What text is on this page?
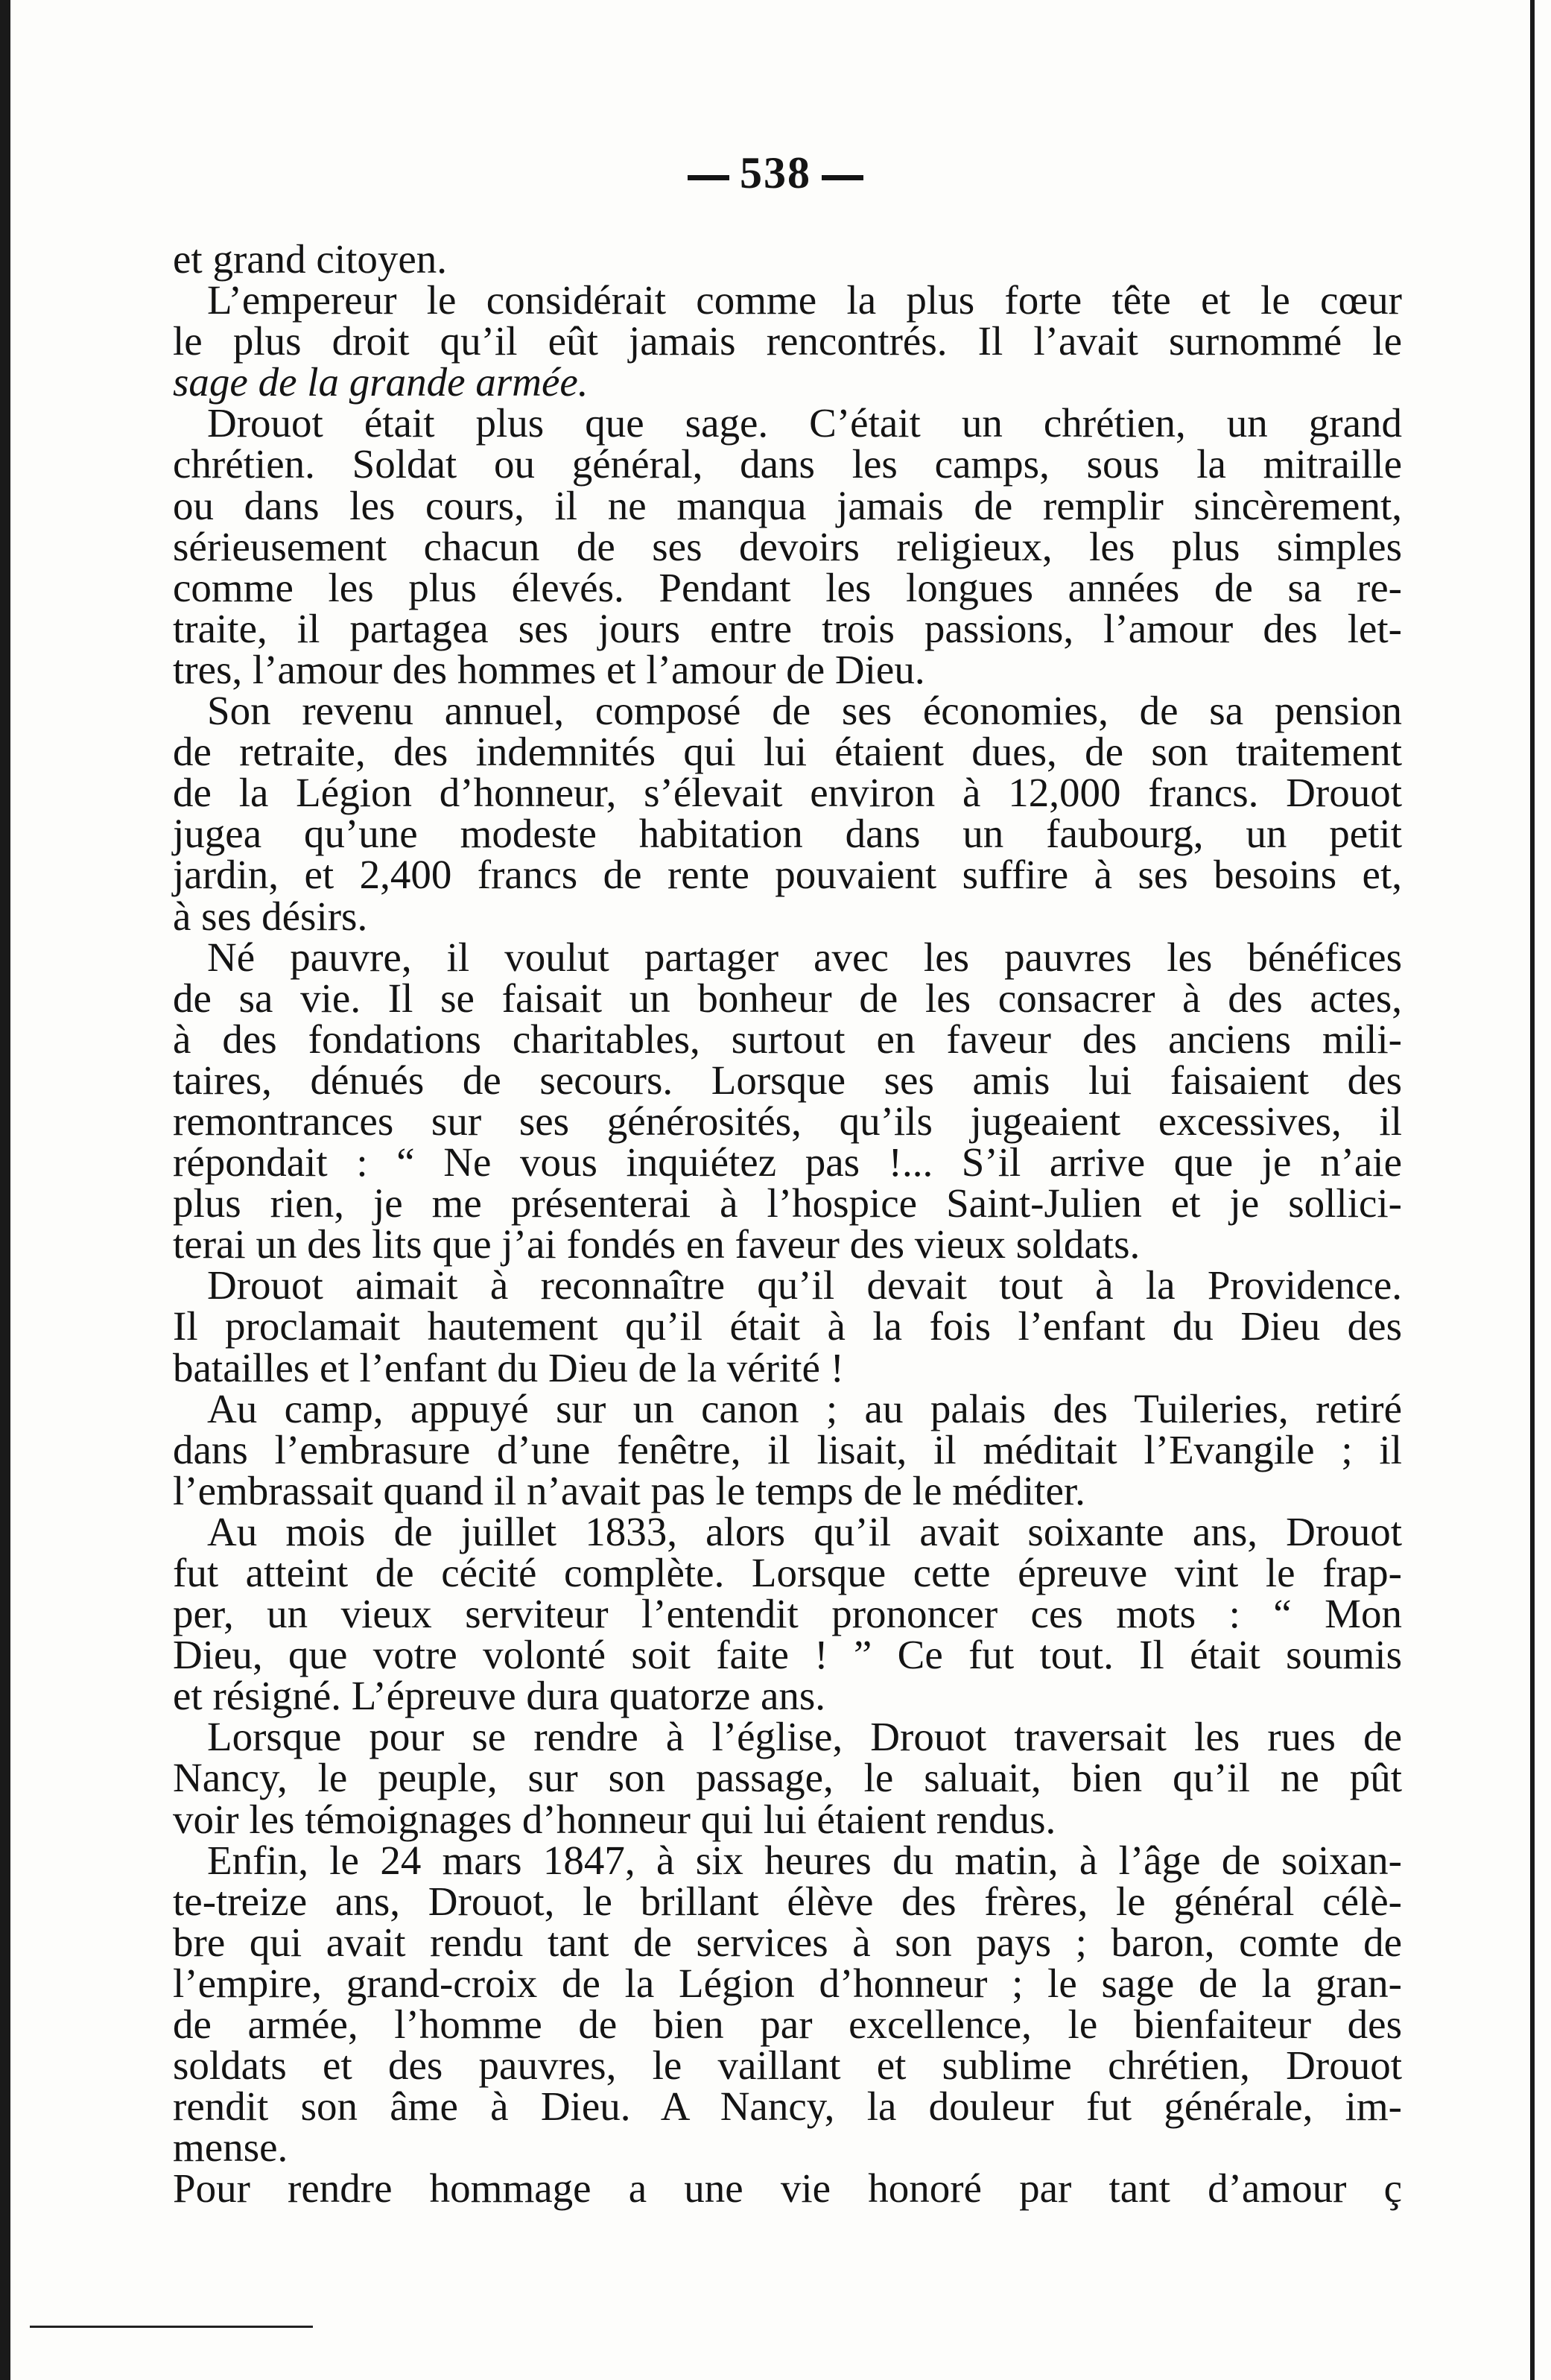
538
et grand citoyen.
L’empereur le considérait comme la plus forte tête et le cœur
le plus droit qu’il eût jamais rencontrés. Il l’avait surnommé le
sage de la grande armée.
Drouot était plus que sage. C’était un chrétien, un grand
chrétien. Soldat ou général, dans les camps, sous la mitraille
ou dans les cours, il ne manqua jamais de remplir sincèrement,
sérieusement chacun de ses devoirs religieux, les plus simples
comme les plus élevés. Pendant les longues années de sa re-
traite, il partagea ses jours entre trois passions, l’amour des let-
tres, l’amour des hommes et l’amour de Dieu.
Son revenu annuel, composé de ses économies, de sa pension
de retraite, des indemnités qui lui étaient dues, de son traitement
de la Légion d’honneur, s’élevait environ à 12,000 francs. Drouot
jugea qu’une modeste habitation dans un faubourg, un petit
jardin, et 2,400 francs de rente pouvaient suffire à ses besoins et,
à ses désirs.
Né pauvre, il voulut partager avec les pauvres les bénéfices
de sa vie. Il se faisait un bonheur de les consacrer à des actes,
à des fondations charitables, surtout en faveur des anciens mili-
taires, dénués de secours. Lorsque ses amis lui faisaient des
remontrances sur ses générosités, qu’ils jugeaient excessives, il
répondait : “ Ne vous inquiétez pas !... S’il arrive que je n’aie
plus rien, je me présenterai à l’hospice Saint-Julien et je sollici-
terai un des lits que j’ai fondés en faveur des vieux soldats.
Drouot aimait à reconnaître qu’il devait tout à la Providence.
Il proclamait hautement qu’il était à la fois l’enfant du Dieu des
batailles et l’enfant du Dieu de la vérité !
Au camp, appuyé sur un canon ; au palais des Tuileries, retiré
dans l’embrasure d’une fenêtre, il lisait, il méditait l’Evangile ; il
l’embrassait quand il n’avait pas le temps de le méditer.
Au mois de juillet 1833, alors qu’il avait soixante ans, Drouot
fut atteint de cécité complète. Lorsque cette épreuve vint le frap-
per, un vieux serviteur l’entendit prononcer ces mots : “ Mon
Dieu, que votre volonté soit faite ! ” Ce fut tout. Il était soumis
et résigné. L’épreuve dura quatorze ans.
Lorsque pour se rendre à l’église, Drouot traversait les rues de
Nancy, le peuple, sur son passage, le saluait, bien qu’il ne pût
voir les témoignages d’honneur qui lui étaient rendus.
Enfin, le 24 mars 1847, à six heures du matin, à l’âge de soixan-
te-treize ans, Drouot, le brillant élève des frères, le général célè-
bre qui avait rendu tant de services à son pays ; baron, comte de
l’empire, grand-croix de la Légion d’honneur ; le sage de la gran-
de armée, l’homme de bien par excellence, le bienfaiteur des
soldats et des pauvres, le vaillant et sublime chrétien, Drouot
rendit son âme à Dieu. A Nancy, la douleur fut générale, im-
mense.
Pour rendre hommage a une vie honoré par tant d’amour ç
